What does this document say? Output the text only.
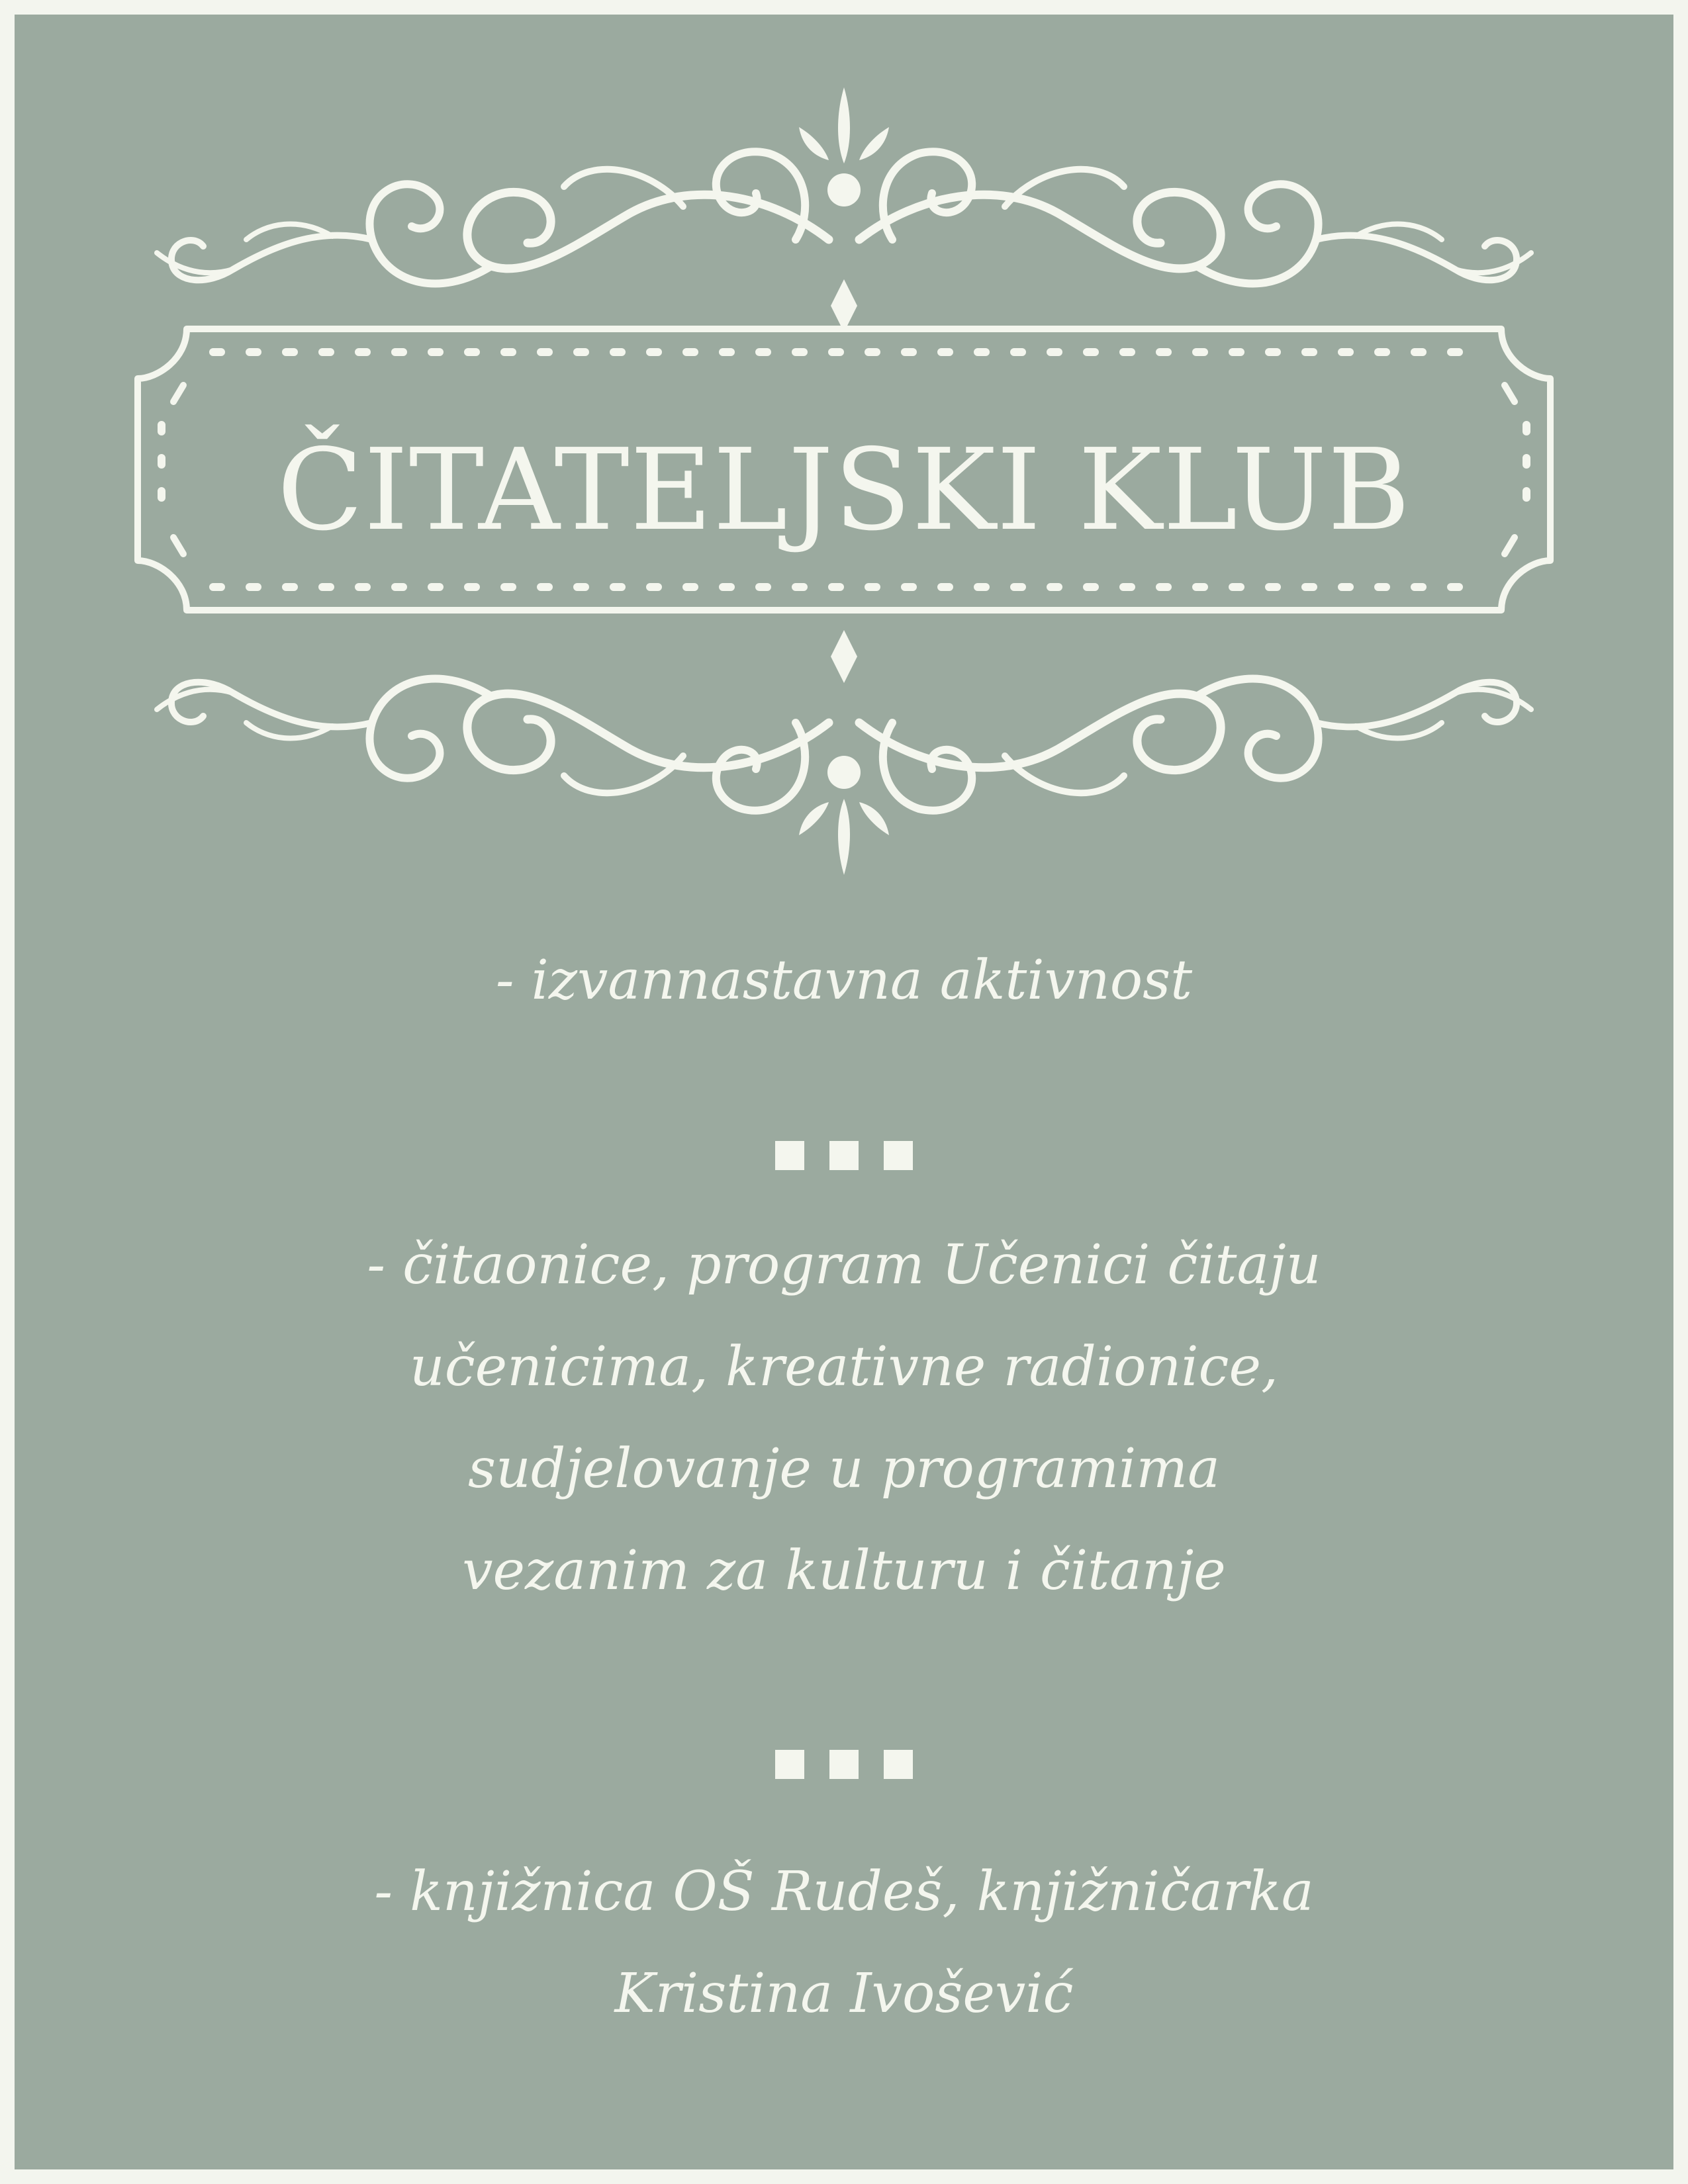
ČITATELJSKI KLUB
- izvannastavna aktivnost
- čitaonice, program Učenici čitaju
učenicima, kreativne radionice,
sudjelovanje u programima
vezanim za kulturu i čitanje
- knjižnica OŠ Rudeš, knjižničarka
Kristina Ivošević
